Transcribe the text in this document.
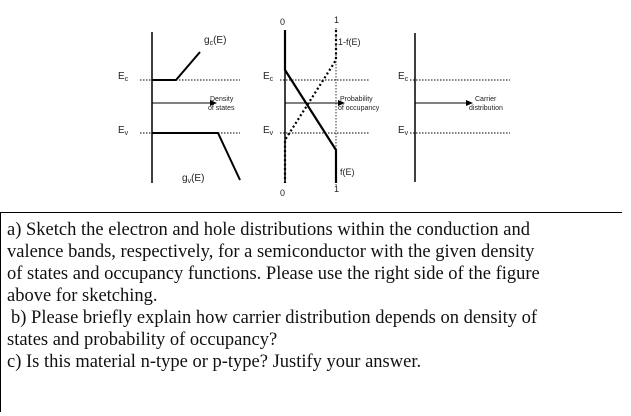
$g_c(E)$
$g_v(E)$
$E_c$
$E_v$
Density
of states
0	1
0	1
1-f(E)
f(E)
$E_c$
$E_v$
Probability
of occupancy
$E_c$
$E_v$
Carrier
distribution

a) Sketch the electron and hole distributions within the conduction and

valence bands, respectively, for a semiconductor with the given density

of states and occupancy functions. Please use the right side of the figure

above for sketching.

b) Please briefly explain how carrier distribution depends on density of

states and probability of occupancy?

c) Is this material n-type or p-type? Justify your answer.
